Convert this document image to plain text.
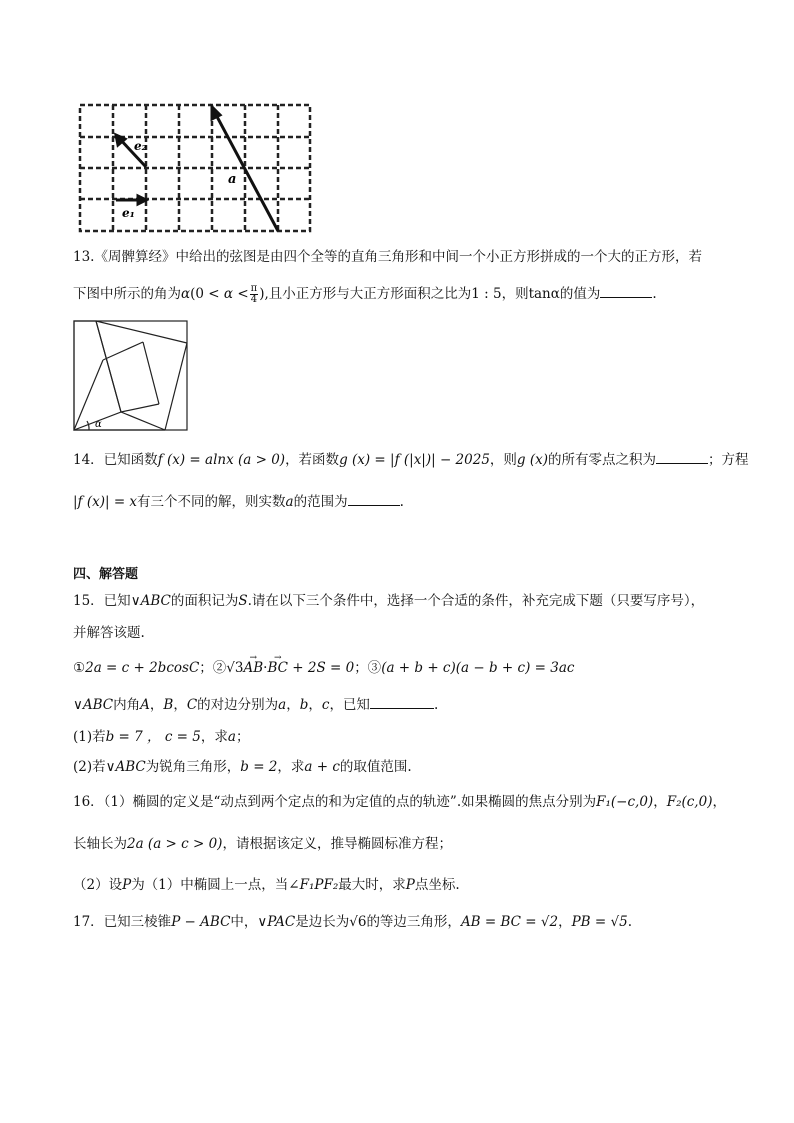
e₁
e₂
a
13.《周髀算经》中给出的弦图是由四个全等的直角三角形和中间一个小正方形拼成的一个大的正方形，若
下图中所示的角为$\alpha(0 < \alpha < \frac{\pi}{4}$ ),且小正方形与大正方形面积之比为1 : 5，则tanα的值为	.
α
14．已知函数f (x) = alnx (a > 0)，若函数g (x) = |f (|x|)| − 2025，则g (x)的所有零点之积为	；方程
|f (x)| = x有三个不同的解，则实数a的范围为	.
四、解答题
15．已知∨ABC的面积记为S.请在以下三个条件中，选择一个合适的条件，补充完成下题（只要写序号），
并解答该题.
①2a = c + 2bcosC；②√3→ AB·→ BC + 2S = 0；③(a + b + c)(a − b + c) = 3ac
∨ABC内角A，B，C的对边分别为a，b，c，已知	.
(1)若b = 7 ， c = 5，求a；
(2)若∨ABC为锐角三角形，b = 2，求a + c的取值范围.
16．（1）椭圆的定义是“动点到两个定点的和为定值的点的轨迹”.如果椭圆的焦点分别为F₁(−c,0)，F₂(c,0)，
长轴长为2a (a > c > 0)，请根据该定义，推导椭圆标准方程；
（2）设P为（1）中椭圆上一点，当∠F₁PF₂最大时，求P点坐标.
17．已知三棱锥P − ABC中，∨PAC是边长为√6的等边三角形，AB = BC = √2，PB = √5.
